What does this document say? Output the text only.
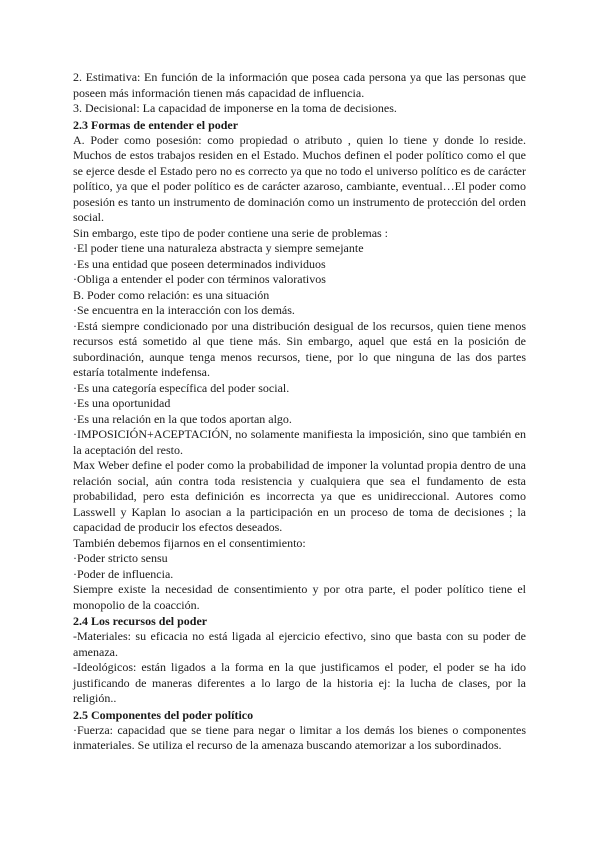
2. Estimativa: En función de la información que posea cada persona ya que las personas que poseen más información tienen más capacidad de influencia.

3. Decisional: La capacidad de imponerse en la toma de decisiones.

2.3 Formas de entender el poder

A. Poder como posesión: como propiedad o atributo , quien lo tiene y donde lo reside. Muchos de estos trabajos residen en el Estado. Muchos definen el poder político como el que se ejerce desde el Estado pero no es correcto ya que no todo el universo político es de carácter político, ya que el poder político es de carácter azaroso, cambiante, eventual…El poder como posesión es tanto un instrumento de dominación como un instrumento de protección del orden social.

Sin embargo, este tipo de poder contiene una serie de problemas :

·El poder tiene una naturaleza abstracta y siempre semejante

·Es una entidad que poseen determinados individuos

·Obliga a entender el poder con términos valorativos

B. Poder como relación: es una situación

·Se encuentra en la interacción con los demás.

·Está siempre condicionado por una distribución desigual de los recursos, quien tiene menos recursos está sometido al que tiene más. Sin embargo, aquel que está en la posición de subordinación, aunque tenga menos recursos, tiene, por lo que ninguna de las dos partes estaría totalmente indefensa.

·Es una categoría específica del poder social.

·Es una oportunidad

·Es una relación en la que todos aportan algo.

·IMPOSICIÓN+ACEPTACIÓN, no solamente manifiesta la imposición, sino que también en la aceptación del resto.

Max Weber define el poder como la probabilidad de imponer la voluntad propia dentro de una relación social, aún contra toda resistencia y cualquiera que sea el fundamento de esta probabilidad, pero esta definición es incorrecta ya que es unidireccional. Autores como Lasswell y Kaplan lo asocian a la participación en un proceso de toma de decisiones ; la capacidad de producir los efectos deseados.

También debemos fijarnos en el consentimiento:

·Poder stricto sensu

·Poder de influencia.

Siempre existe la necesidad de consentimiento y por otra parte, el poder político tiene el monopolio de la coacción.

2.4 Los recursos del poder

-Materiales: su eficacia no está ligada al ejercicio efectivo, sino que basta con su poder de amenaza.

-Ideológicos: están ligados a la forma en la que justificamos el poder, el poder se ha ido justificando de maneras diferentes a lo largo de la historia ej: la lucha de clases, por la religión..

2.5 Componentes del poder político

·Fuerza: capacidad que se tiene para negar o limitar a los demás los bienes o componentes inmateriales. Se utiliza el recurso de la amenaza buscando atemorizar a los subordinados.
